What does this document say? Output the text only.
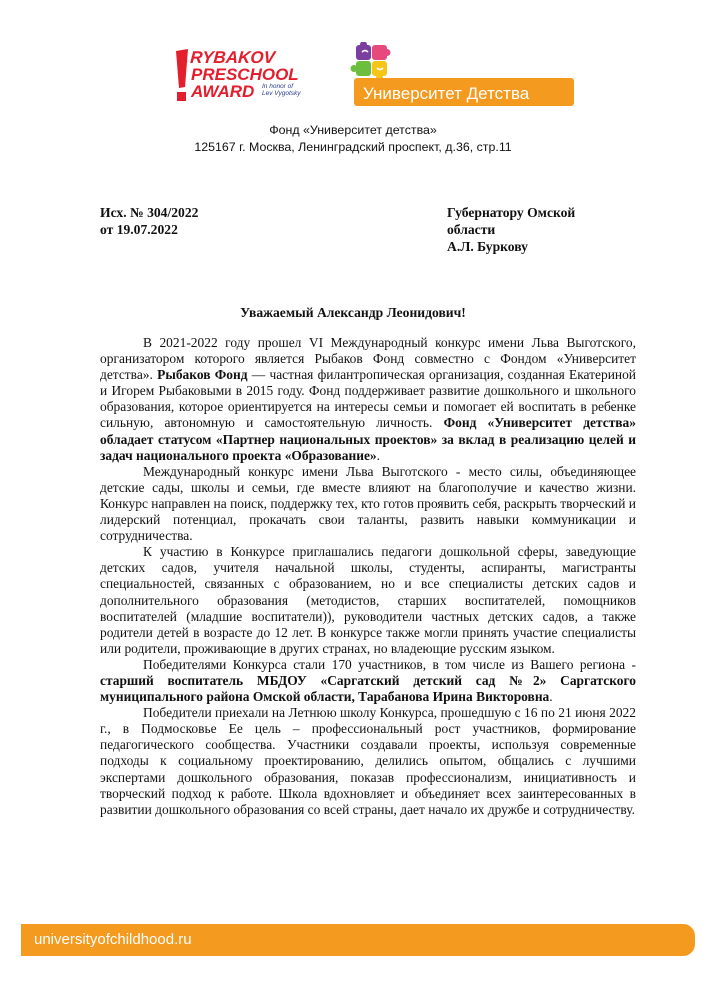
RYBAKOV
PRESCHOOL
AWARD In honor of Lev Vygotsky	Университет Детства
Фонд «Университет детства»
125167 г. Москва, Ленинградский проспект, д.36, стр.11
Исх. № 304/2022
от 19.07.2022
Губернатору Омской
области
А.Л. Буркову
Уважаемый Александр Леонидович!

В 2021-2022 году прошел VI Международный конкурс имени Льва Выготского, организатором которого является Рыбаков Фонд совместно с Фондом «Университет детства». Рыбаков Фонд — частная филантропическая организация, созданная Екатериной и Игорем Рыбаковыми в 2015 году. Фонд поддерживает развитие дошкольного и школьного образования, которое ориентируется на интересы семьи и помогает ей воспитать в ребенке сильную, автономную и самостоятельную личность. Фонд «Университет детства» обладает статусом «Партнер национальных проектов» за вклад в реализацию целей и задач национального проекта «Образование».

Международный конкурс имени Льва Выготского - место силы, объединяющее детские сады, школы и семьи, где вместе влияют на благополучие и качество жизни. Конкурс направлен на поиск, поддержку тех, кто готов проявить себя, раскрыть творческий и лидерский потенциал, прокачать свои таланты, развить навыки коммуникации и сотрудничества.

К участию в Конкурсе приглашались педагоги дошкольной сферы, заведующие детских садов, учителя начальной школы, студенты, аспиранты, магистранты специальностей, связанных с образованием, но и все специалисты детских садов и дополнительного образования (методистов, старших воспитателей, помощников воспитателей (младшие воспитатели)), руководители частных детских садов, а также родители детей в возрасте до 12 лет. В конкурсе также могли принять участие специалисты или родители, проживающие в других странах, но владеющие русским языком.

Победителями Конкурса стали 170 участников, в том числе из Вашего региона - старший воспитатель МБДОУ «Саргатский детский сад №2» Саргатского муниципального района Омской области, Тарабанова Ирина Викторовна.

Победители приехали на Летнюю школу Конкурса, прошедшую с 16 по 21 июня 2022 г., в Подмосковье Ее цель – профессиональный рост участников, формирование педагогического сообщества. Участники создавали проекты, используя современные подходы к социальному проектированию, делились опытом, общались с лучшими экспертами дошкольного образования, показав профессионализм, инициативность и творческий подход к работе. Школа вдохновляет и объединяет всех заинтересованных в развитии дошкольного образования со всей страны, дает начало их дружбе и сотрудничеству.

universityofchildhood.ru
